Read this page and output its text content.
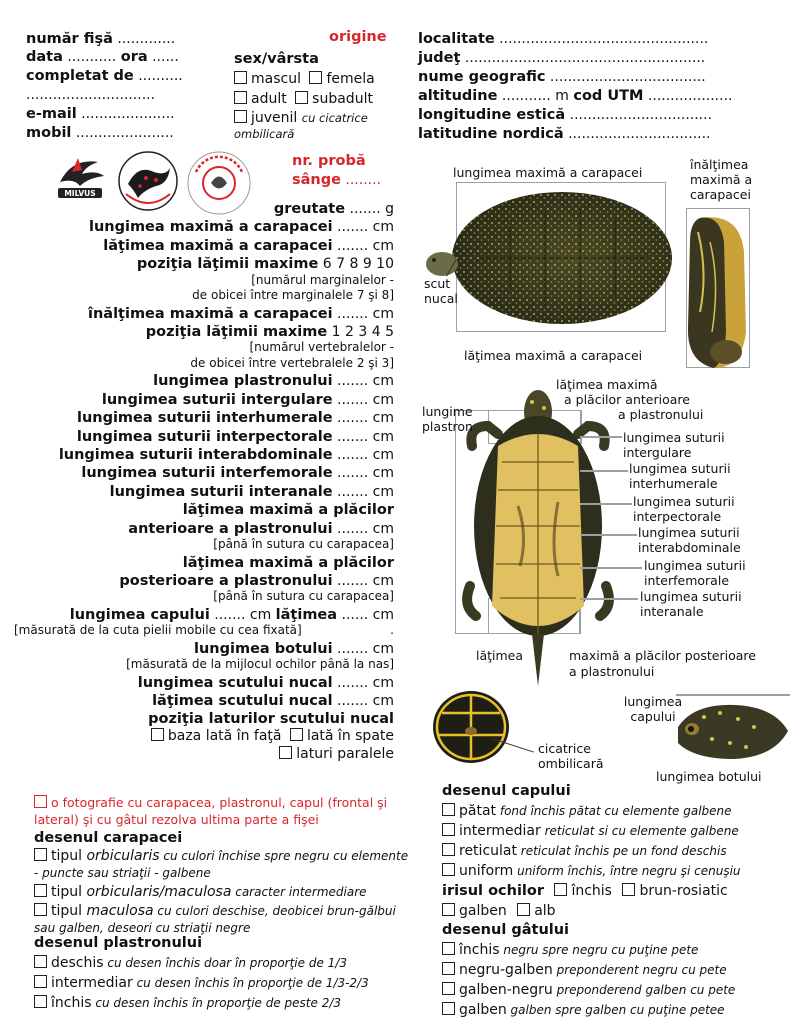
număr fişă .............
data ........... ora ......
completat de ..........
.............................
e-mail .....................
mobil ......................
origine
sex/vârsta
mascul femela
adult subadult
juvenil cu cicatrice ombilicară
localitate ...............................................
judeţ ......................................................
nume geografic ...................................
altitudine ........... m cod UTM ...................
longitudine estică ................................
latitudine nordică ................................
MILVUS
nr. probă
sânge ........
greutate ....... g
lungimea maximă a carapacei ....... cm
lăţimea maximă a carapacei ....... cm
poziţia lăţimii maxime 6 7 8 9 10
[numărul marginalelor -
de obicei între marginalele 7 şi 8]
înălţimea maximă a carapacei ....... cm
poziţia lăţimii maxime 1 2 3 4 5
[numărul vertebralelor -
de obicei între vertebralele 2 şi 3]
lungimea plastronului ....... cm
lungimea suturii intergulare ....... cm
lungimea suturii interhumerale ....... cm
lungimea suturii interpectorale ....... cm
lungimea suturii interabdominale ....... cm
lungimea suturii interfemorale ....... cm
lungimea suturii interanale ....... cm
lăţimea maximă a plăcilor
anterioare a plastronului ....... cm
[până în sutura cu carapacea]
lăţimea maximă a plăcilor
posterioare a plastronului ....... cm
[până în sutura cu carapacea]
lungimea capului ....... cm lăţimea ...... cm
[măsurată de la cuta pielii mobile cu cea fixată]	.
lungimea botului ....... cm
[măsurată de la mijlocul ochilor până la nas]
lungimea scutului nucal ....... cm
lăţimea scutului nucal ....... cm
poziţia laturilor scutului nucal
baza lată în faţă lată în spate
laturi paralele
o fotografie cu carapacea, plastronul, capul (frontal şi lateral) şi cu gâtul rezolva ultima parte a fişei
desenul carapacei
tipul orbicularis cu culori închise spre negru cu elemente - puncte sau striaţii - galbene
tipul orbicularis/maculosa caracter intermediare
tipul maculosa cu culori deschise, deobicei brun-gălbui sau galben, deseori cu striaţii negre
desenul plastronului
deschis cu desen închis doar în proporţie de 1/3
intermediar cu desen închis în proporţie de 1/3-2/3
închis cu desen închis în proporţie de peste 2/3
desenul capului
pătat fond închis pătat cu elemente galbene
intermediar reticulat si cu elemente galbene
reticulat reticulat închis pe un fond deschis
uniform uniform închis, între negru şi cenuşiu
irisul ochilor închis brun-rosiatic
galben alb
desenul gâtului
închis negru spre negru cu puţine pete
negru-galben preponderent negru cu pete
galben-negru preponderend galben cu pete
galben galben spre galben cu puţine petee
lungimea maximă a carapacei
scut
nucal
lăţimea maximă a carapacei
înălţimea
maximă a
carapacei
lăţimea maximă
a plăcilor anterioare
a plastronului
lungime
plastron
lungimea suturii
intergulare
lungimea suturii
interhumerale
lungimea suturii
interpectorale
lungimea suturii
interabdominale
lungimea suturii
interfemorale
lungimea suturii
interanale
lăţimea	maximă a plăcilor posterioare
a plastronului
cicatrice
ombilicară
lungimea
capului
lungimea botului
